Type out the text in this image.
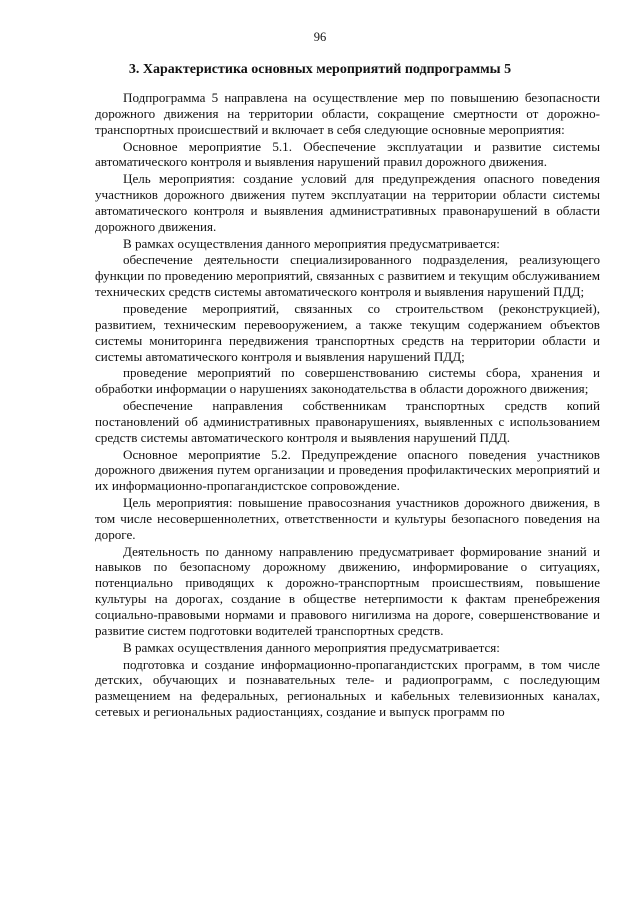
96
3. Характеристика основных мероприятий подпрограммы 5

Подпрограмма 5 направлена на осуществление мер по повышению безопасности дорожного движения на территории области, сокращение смертности от дорожно-транспортных происшествий и включает в себя следующие основные мероприятия:

Основное мероприятие 5.1. Обеспечение эксплуатации и развитие системы автоматического контроля и выявления нарушений правил дорожного движения.

Цель мероприятия: создание условий для предупреждения опасного поведения участников дорожного движения путем эксплуатации на территории области системы автоматического контроля и выявления административных правонарушений в области дорожного движения.

В рамках осуществления данного мероприятия предусматривается:

обеспечение деятельности специализированного подразделения, реализующего функции по проведению мероприятий, связанных с развитием и текущим обслуживанием технических средств системы автоматического контроля и выявления нарушений ПДД;

проведение мероприятий, связанных со строительством (реконструкцией), развитием, техническим перевооружением, а также текущим содержанием объектов системы мониторинга передвижения транспортных средств на территории области и системы автоматического контроля и выявления нарушений ПДД;

проведение мероприятий по совершенствованию системы сбора, хранения и обработки информации о нарушениях законодательства в области дорожного движения;

обеспечение направления собственникам транспортных средств копий постановлений об административных правонарушениях, выявленных с использованием средств системы автоматического контроля и выявления нарушений ПДД.

Основное мероприятие 5.2. Предупреждение опасного поведения участников дорожного движения путем организации и проведения профилактических мероприятий и их информационно-пропагандистское сопровождение.

Цель мероприятия: повышение правосознания участников дорожного движения, в том числе несовершеннолетних, ответственности и культуры безопасного поведения на дороге.

Деятельность по данному направлению предусматривает формирование знаний и навыков по безопасному дорожному движению, информирование о ситуациях, потенциально приводящих к дорожно-транспортным происшествиям, повышение культуры на дорогах, создание в обществе нетерпимости к фактам пренебрежения социально-правовыми нормами и правового нигилизма на дороге, совершенствование и развитие систем подготовки водителей транспортных средств.

В рамках осуществления данного мероприятия предусматривается:

подготовка и создание информационно-пропагандистских программ, в том числе детских, обучающих и познавательных теле- и радиопрограмм, с последующим размещением на федеральных, региональных и кабельных телевизионных каналах, сетевых и региональных радиостанциях, создание и выпуск программ по
